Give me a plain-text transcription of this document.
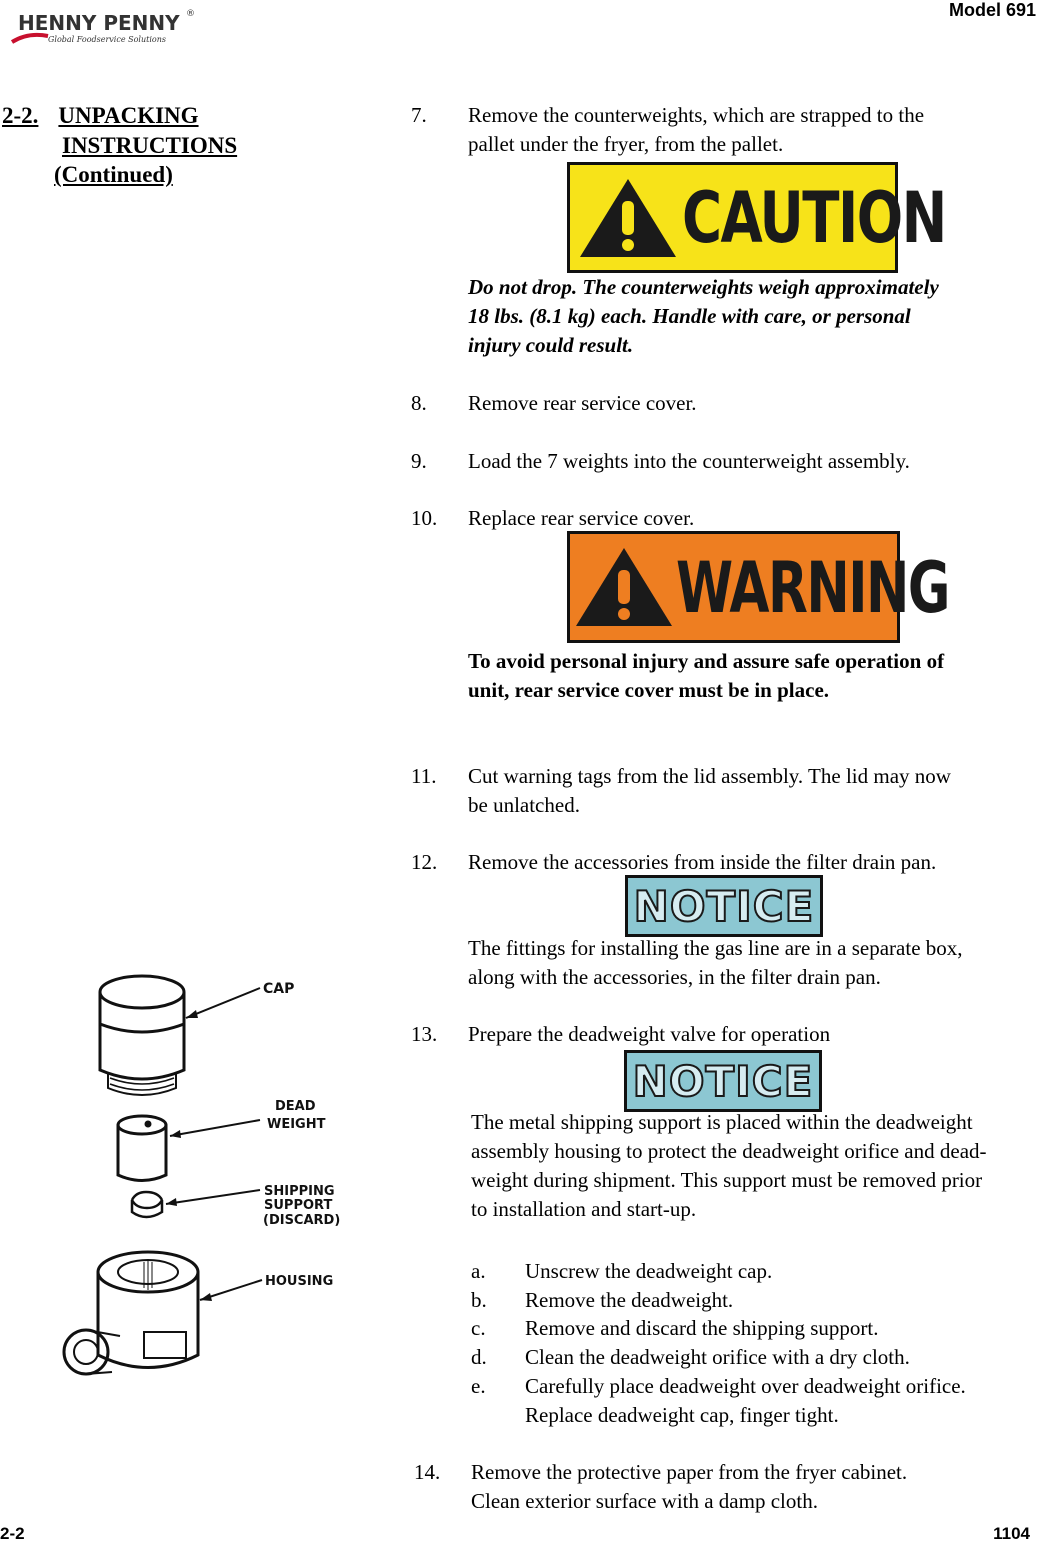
HENNY PENNY ®
Global Foodservice Solutions
Model 691
2-2. UNPACKING
INSTRUCTIONS
(Continued)
7.	Remove the counterweights, which are strapped to the
pallet under the fryer, from the pallet.
CAUTION
Do not drop. The counterweights weigh approximately
18 lbs. (8.1 kg) each. Handle with care, or personal
injury could result.
8.	Remove rear service cover.
9.	Load the 7 weights into the counterweight assembly.
10.	Replace rear service cover.
WARNING
To avoid personal injury and assure safe operation of
unit, rear service cover must be in place.
11.	Cut warning tags from the lid assembly. The lid may now
be unlatched.
12.	Remove the accessories from inside the filter drain pan.
NOTICE
The fittings for installing the gas line are in a separate box,
along with the accessories, in the filter drain pan.
13.	Prepare the deadweight valve for operation
NOTICE
The metal shipping support is placed within the deadweight
assembly housing to protect the deadweight orifice and dead-
weight during shipment. This support must be removed prior
to installation and start-up.
a. Unscrew the deadweight cap.
b. Remove the deadweight.
c. Remove and discard the shipping support.
d. Clean the deadweight orifice with a dry cloth.
e. Carefully place deadweight over deadweight orifice.
Replace deadweight cap, finger tight.
14.	Remove the protective paper from the fryer cabinet.
Clean exterior surface with a damp cloth.
CAP
DEAD
WEIGHT
SHIPPING
SUPPORT
(DISCARD)
HOUSING
2-2	1104
